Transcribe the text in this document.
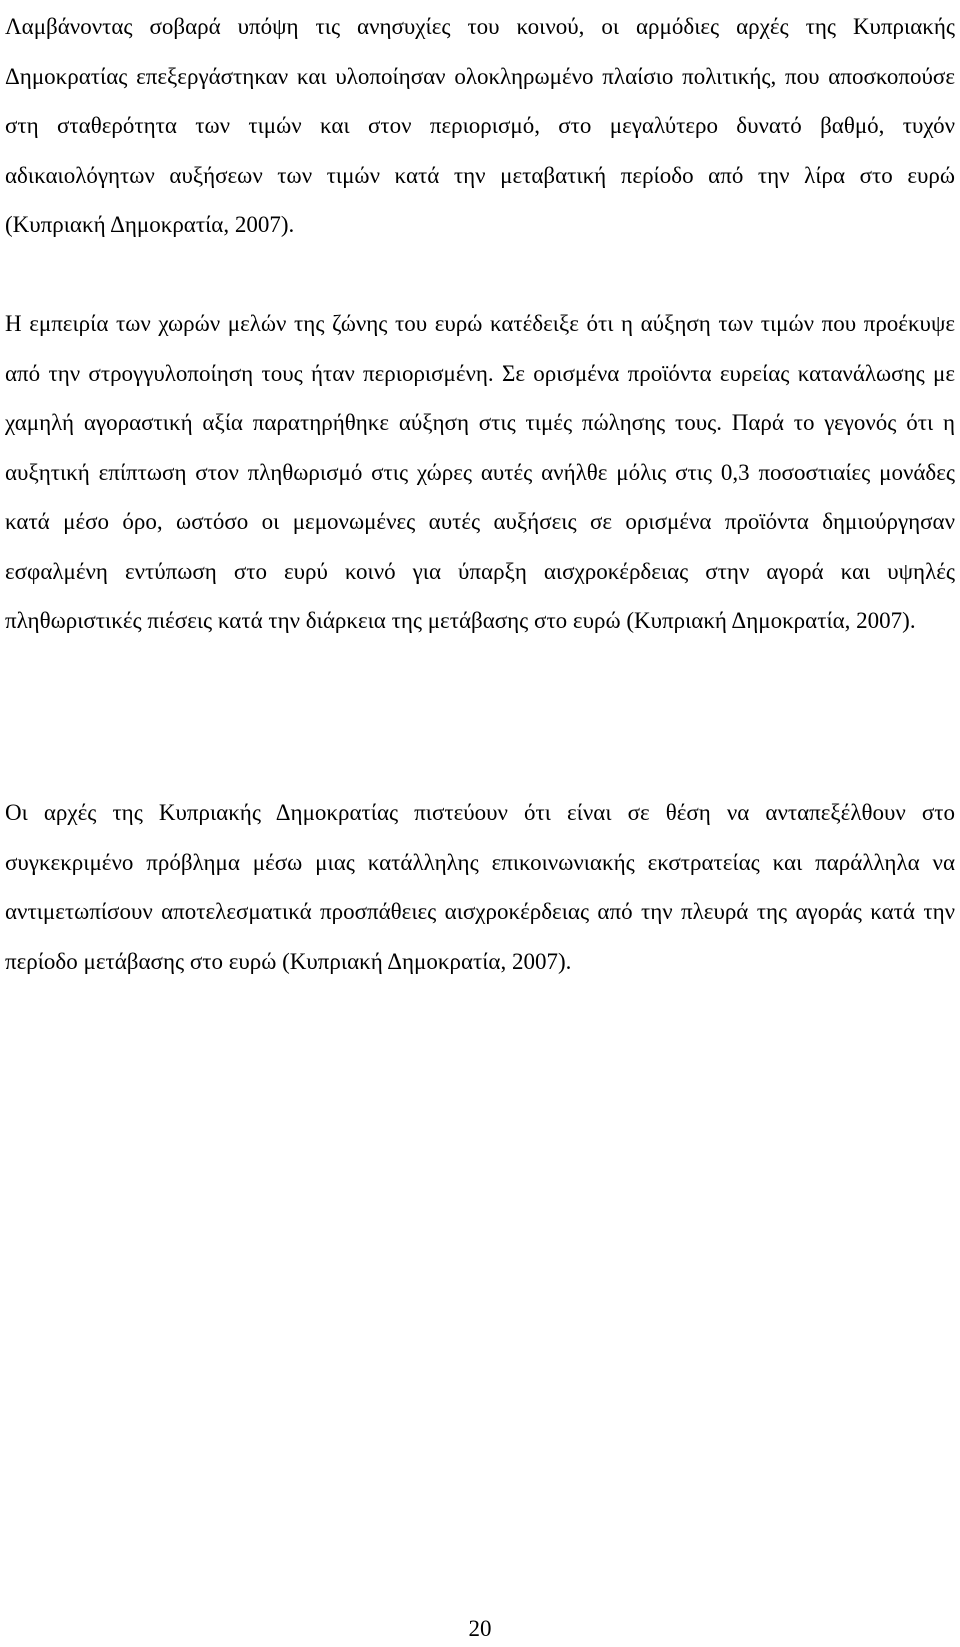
Λαμβάνοντας σοβαρά υπόψη τις ανησυχίες του κοινού, οι αρμόδιες αρχές της Κυπριακής Δημοκρατίας επεξεργάστηκαν και υλοποίησαν ολοκληρωμένο πλαίσιο πολιτικής, που αποσκοπούσε στη σταθερότητα των τιμών και στον περιορισμό, στο μεγαλύτερο δυνατό βαθμό, τυχόν αδικαιολόγητων αυξήσεων των τιμών κατά την μεταβατική περίοδο από την λίρα στο ευρώ (Κυπριακή Δημοκρατία, 2007).

Η εμπειρία των χωρών μελών της ζώνης του ευρώ κατέδειξε ότι η αύξηση των τιμών που προέκυψε από την στρογγυλοποίηση τους ήταν περιορισμένη. Σε ορισμένα προϊόντα ευρείας κατανάλωσης με χαμηλή αγοραστική αξία παρατηρήθηκε αύξηση στις τιμές πώλησης τους. Παρά το γεγονός ότι η αυξητική επίπτωση στον πληθωρισμό στις χώρες αυτές ανήλθε μόλις στις 0,3 ποσοστιαίες μονάδες κατά μέσο όρο, ωστόσο οι μεμονωμένες αυτές αυξήσεις σε ορισμένα προϊόντα δημιούργησαν εσφαλμένη εντύπωση στο ευρύ κοινό για ύπαρξη αισχροκέρδειας στην αγορά και υψηλές πληθωριστικές πιέσεις κατά την διάρκεια της μετάβασης στο ευρώ (Κυπριακή Δημοκρατία, 2007).

Οι αρχές της Κυπριακής Δημοκρατίας πιστεύουν ότι είναι σε θέση να ανταπεξέλθουν στο συγκεκριμένο πρόβλημα μέσω μιας κατάλληλης επικοινωνιακής εκστρατείας και παράλληλα να αντιμετωπίσουν αποτελεσματικά προσπάθειες αισχροκέρδειας από την πλευρά της αγοράς κατά την περίοδο μετάβασης στο ευρώ (Κυπριακή Δημοκρατία, 2007).

20
